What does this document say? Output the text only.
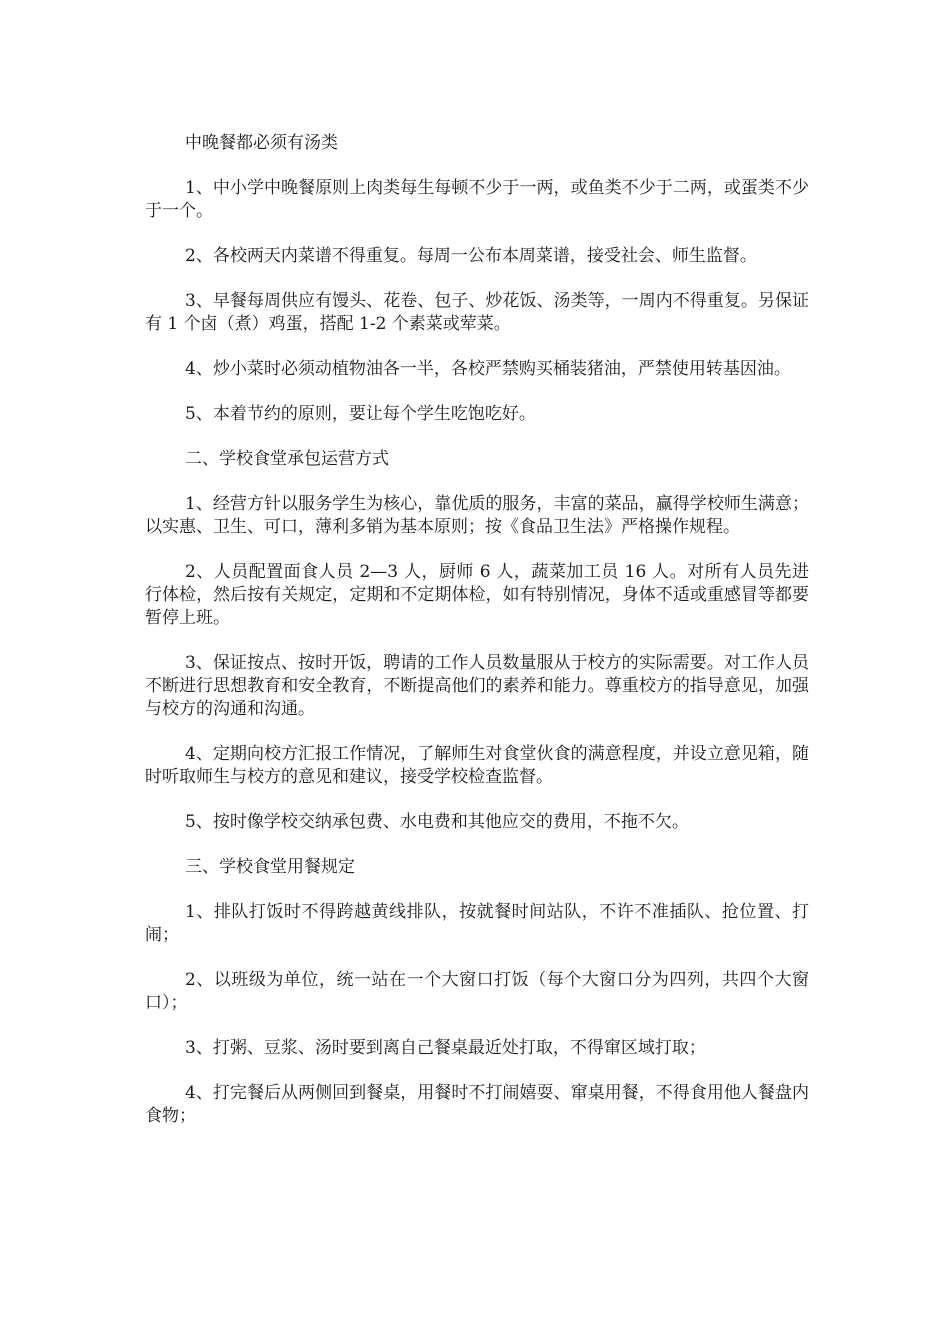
中晚餐都必须有汤类

1、中小学中晚餐原则上肉类每生每顿不少于一两，或鱼类不少于二两，或蛋类不少于一个。

2、各校两天内菜谱不得重复。每周一公布本周菜谱，接受社会、师生监督。

3、早餐每周供应有馒头、花卷、包子、炒花饭、汤类等，一周内不得重复。另保证有 1 个卤（煮）鸡蛋，搭配 1-2 个素菜或荤菜。

4、炒小菜时必须动植物油各一半，各校严禁购买桶装猪油，严禁使用转基因油。

5、本着节约的原则，要让每个学生吃饱吃好。

二、学校食堂承包运营方式

1、经营方针以服务学生为核心，靠优质的服务，丰富的菜品，赢得学校师生满意；以实惠、卫生、可口，薄利多销为基本原则；按《食品卫生法》严格操作规程。

2、人员配置面食人员 2—3 人，厨师 6 人，蔬菜加工员 16 人。对所有人员先进行体检，然后按有关规定，定期和不定期体检，如有特别情况，身体不适或重感冒等都要暂停上班。

3、保证按点、按时开饭，聘请的工作人员数量服从于校方的实际需要。对工作人员不断进行思想教育和安全教育，不断提高他们的素养和能力。尊重校方的指导意见，加强与校方的沟通和沟通。

4、定期向校方汇报工作情况，了解师生对食堂伙食的满意程度，并设立意见箱，随时听取师生与校方的意见和建议，接受学校检查监督。

5、按时像学校交纳承包费、水电费和其他应交的费用，不拖不欠。

三、学校食堂用餐规定

1、排队打饭时不得跨越黄线排队，按就餐时间站队，不许不准插队、抢位置、打闹；

2、以班级为单位，统一站在一个大窗口打饭（每个大窗口分为四列，共四个大窗口）；

3、打粥、豆浆、汤时要到离自己餐桌最近处打取，不得窜区域打取；

4、打完餐后从两侧回到餐桌，用餐时不打闹嬉耍、窜桌用餐，不得食用他人餐盘内食物；
